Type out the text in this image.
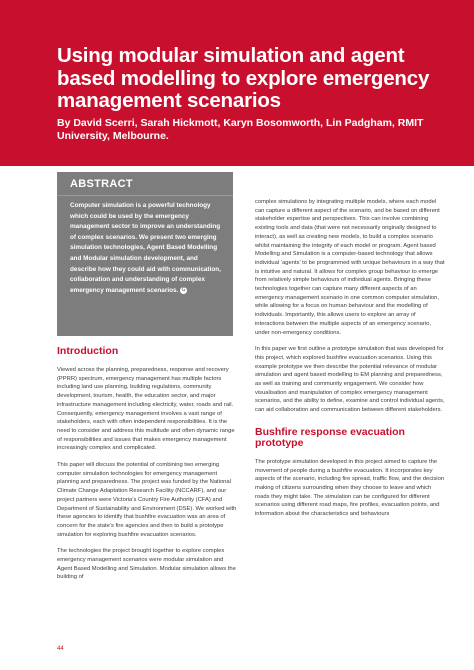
Using modular simulation and agent based modelling to explore emergency management scenarios

By David Scerri, Sarah Hickmott, Karyn Bosomworth, Lin Padgham, RMIT University, Melbourne.

ABSTRACT
Computer simulation is a powerful technology which could be used by the emergency management sector to improve an understanding of complex scenarios. We present two emerging simulation technologies, Agent Based Modelling and Modular simulation development, and describe how they could aid with communication, collaboration and understanding of complex emergency management scenarios. G
Introduction

Viewed across the planning, preparedness, response and recovery (PPRR) spectrum, emergency management has multiple factors including land use planning, building regulations, community development, tourism, health, the education sector, and major infrastructure management including electricity, water, roads and rail. Consequently, emergency management involves a vast range of stakeholders, each with often independent responsibilities. It is the need to consider and address this multitude and often dynamic range of responsibilities and issues that makes emergency management increasingly complex and complicated.

This paper will discuss the potential of combining two emerging computer simulation technologies for emergency management planning and preparedness. The project was funded by the National Climate Change Adaptation Research Facility (NCCARF), and our project partners were Victoria’s Country Fire Authority (CFA) and Department of Sustainability and Environment (DSE). We worked with these agencies to identify that bushfire evacuation was an area of concern for the state’s fire agencies and then to build a prototype simulation for exploring bushfire evacuation scenarios.

The technologies the project brought together to explore complex emergency management scenarios were modular simulation and Agent Based Modelling and Simulation. Modular simulation allows the building of

complex simulations by integrating multiple models, where each model can capture a different aspect of the scenario, and be based on different stakeholder expertise and perspectives. This can involve combining existing tools and data (that were not necessarily originally designed to interact), as well as creating new models, to build a complex scenario whilst maintaining the integrity of each model or program. Agent based Modelling and Simulation is a computer-based technology that allows individual ‘agents’ to be programmed with unique behaviours in a way that is intuitive and natural. It allows for complex group behaviour to emerge from relatively simple behaviours of individual agents. Bringing these technologies together can capture many different aspects of an emergency management scenario in one common computer simulation, while allowing for a focus on human behaviour and the modelling of individuals. Importantly, this allows users to explore an array of interactions between the multiple aspects of an emergency scenario, under non-emergency conditions.

In this paper we first outline a prototype simulation that was developed for this project, which explored bushfire evacuation scenarios. Using this example prototype we then describe the potential relevance of modular simulation and agent based modelling to EM planning and preparedness, as well as training and community engagement. We consider how visualisation and manipulation of complex emergency management scenarios, and the ability to define, examine and control individual agents, can aid collaboration and communication between different stakeholders.

Bushfire response evacuation prototype

The prototype simulation developed in this project aimed to capture the movement of people during a bushfire evacuation. It incorporates key aspects of the scenario, including fire spread, traffic flow, and the decision making of citizens surrounding when they choose to leave and which roads they might take. The simulation can be configured for different scenarios using different road maps, fire profiles, evacuation points, and information about the characteristics and behaviours

44
